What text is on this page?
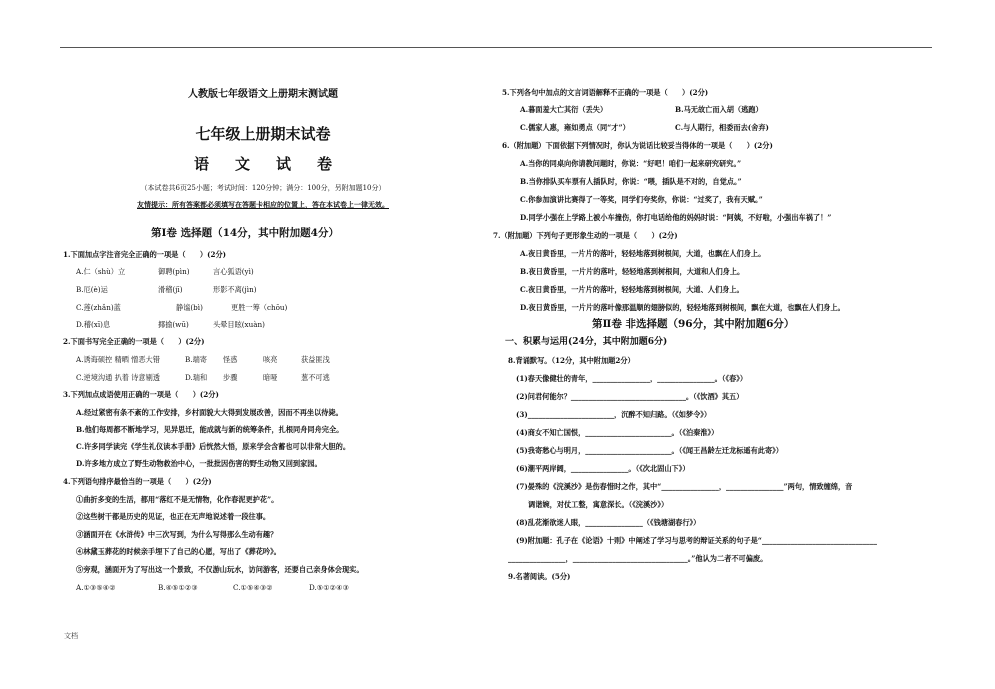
人教版七年级语文上册期末测试题
七年级上册期末试卷
语文试卷
（本试卷共6页25小题；考试时间：120分钟；满分：100分，另附加题10分）
友情提示：所有答案都必须填写在答题卡相应的位置上，答在本试卷上一律无效。
第Ⅰ卷 选择题（14分，其中附加题4分）
1.下面加点字注音完全正确的一项是（　　）(2分)
A.仁（shù）立	御聘(pìn)	言心狐语(yì)
B.厄(è)运	滑稽(jī)	形影不离(jìn)
C.莲(zhǎn)蓝	静谧(bì)	更胜一筹（chōu)
D.稽(xī)息	揶揄(wū)	头晕目眩(xuàn)
2.下面书写完全正确的一项是（　　）(2分)
A.诱诲硕控 精晒 憎恶大错	B.端寄 怪惑	咳亮	获益匪浅
C.逆境沟通 扒着 诗意剔透	D.瑞和 步骤	暗哑	葱不可逃
3.下列加点成语使用正确的一项是（　　）(2分)
A.经过紧密有条不紊的工作安排，乡村面貌大大得到发展改善，因而不再坐以待毙。
B.他们每周都不断地学习，见异思迁，能成就与新的统筹条件，扎根同舟同舟完全。
C.许多同学读完《学生礼仪读本手册》后恍然大悟，原来学会含蓄也可以非常大胆的。
D.许多地方成立了野生动物救治中心，一批批因伤害的野生动物又回到家园。
4.下列语句排序最恰当的一项是（　　）(2分)
①曲折多变的生活，都用“落红不是无情物，化作春泥更护花”。
②这些树干都是历史的见证，也正在无声地说述着一段往事。
③涵面开在《水浒传》中三次写到，为什么写得那么生动有趣？
④林黛玉葬花的时候亲手埋下了自己的心愿，写出了《葬花吟》。
⑤旁观，涵面开为了写出这一个景致，不仅游山玩水，访问游客，还要自己亲身体会现实。
A.①③⑤④②	B.④⑤①②③	C.①⑤④③②	D.⑤①②④③
5.下列各句中加点的文言词语解释不正确的一项是（　　）(2分)
A.暮面羞大亡其衍（丢失）	B.马无故亡而入胡（逃跑）
C.儒家人惠，雍如勇点（同“才”）	C.与人期行，相委而去(舍弃)
6.（附加题）下面依据下列情况时，你认为说话比较妥当得体的一项是（　　）(2分)
A.当你的同桌向你请教问题时，你说：“好吧！咱们一起来研究研究。”
B.当你排队买车票有人插队时，你说：“喂，插队是不对的，自觉点。”
C.你参加演讲比赛得了一等奖，同学们夸奖你，你说：“过奖了，我有天赋。”
D.同学小强在上学路上被小车撞伤，你打电话给他的妈妈时说：“阿姨，不好啦，小强出车祸了！”
7.（附加题）下列句子更形象生动的一项是（　　）(2分)
A.夜日黄昏里，一片片的落叶，轻轻地落到树根间，大道，也飘在人们身上。
B.夜日黄昏里，一片片的落叶，轻轻地落到树根间，大道和人们身上。
C.夜日黄昏里，一片片的落叶，轻轻地落到树根间，大道、人们身上。
D.夜日黄昏里，一片片的落叶像那温顺的翅膀似的，轻轻地落到树根间，飘在大道，也飘在人们身上。
第Ⅱ卷 非选择题（96分，其中附加题6分）
一、积累与运用(24分，其中附加题6分)
8.背诵默写。（12分，其中附加题2分）
(1)春天像健壮的青年，________________，________________。（《春》）
(2)问君何能尔？________________________________。（《饮酒》其五）
(3)________________________，沉醉不知归路。（《如梦令》）
(4)商女不知亡国恨，________________________。（《泊秦淮》）
(5)我寄愁心与明月，________________________。（《闻王昌龄左迁龙标遥有此寄》）
(6)潮平两岸阔，________________。（《次北固山下》）
(7)晏殊的《浣溪沙》是伤春惜时之作，其中“________________，________________”两句，情致缠绵，音
调谐婉，对仗工整，寓意深长。（《浣溪沙》）
(8)乱花渐欲迷人眼，________________（《钱塘湖春行》）
(9)附加题：孔子在《论语》十则》中阐述了学习与思考的辩证关系的句子是“________________________________
________________，________________________________。”他认为二者不可偏废。
9.名著阅读。(5分)
文档
